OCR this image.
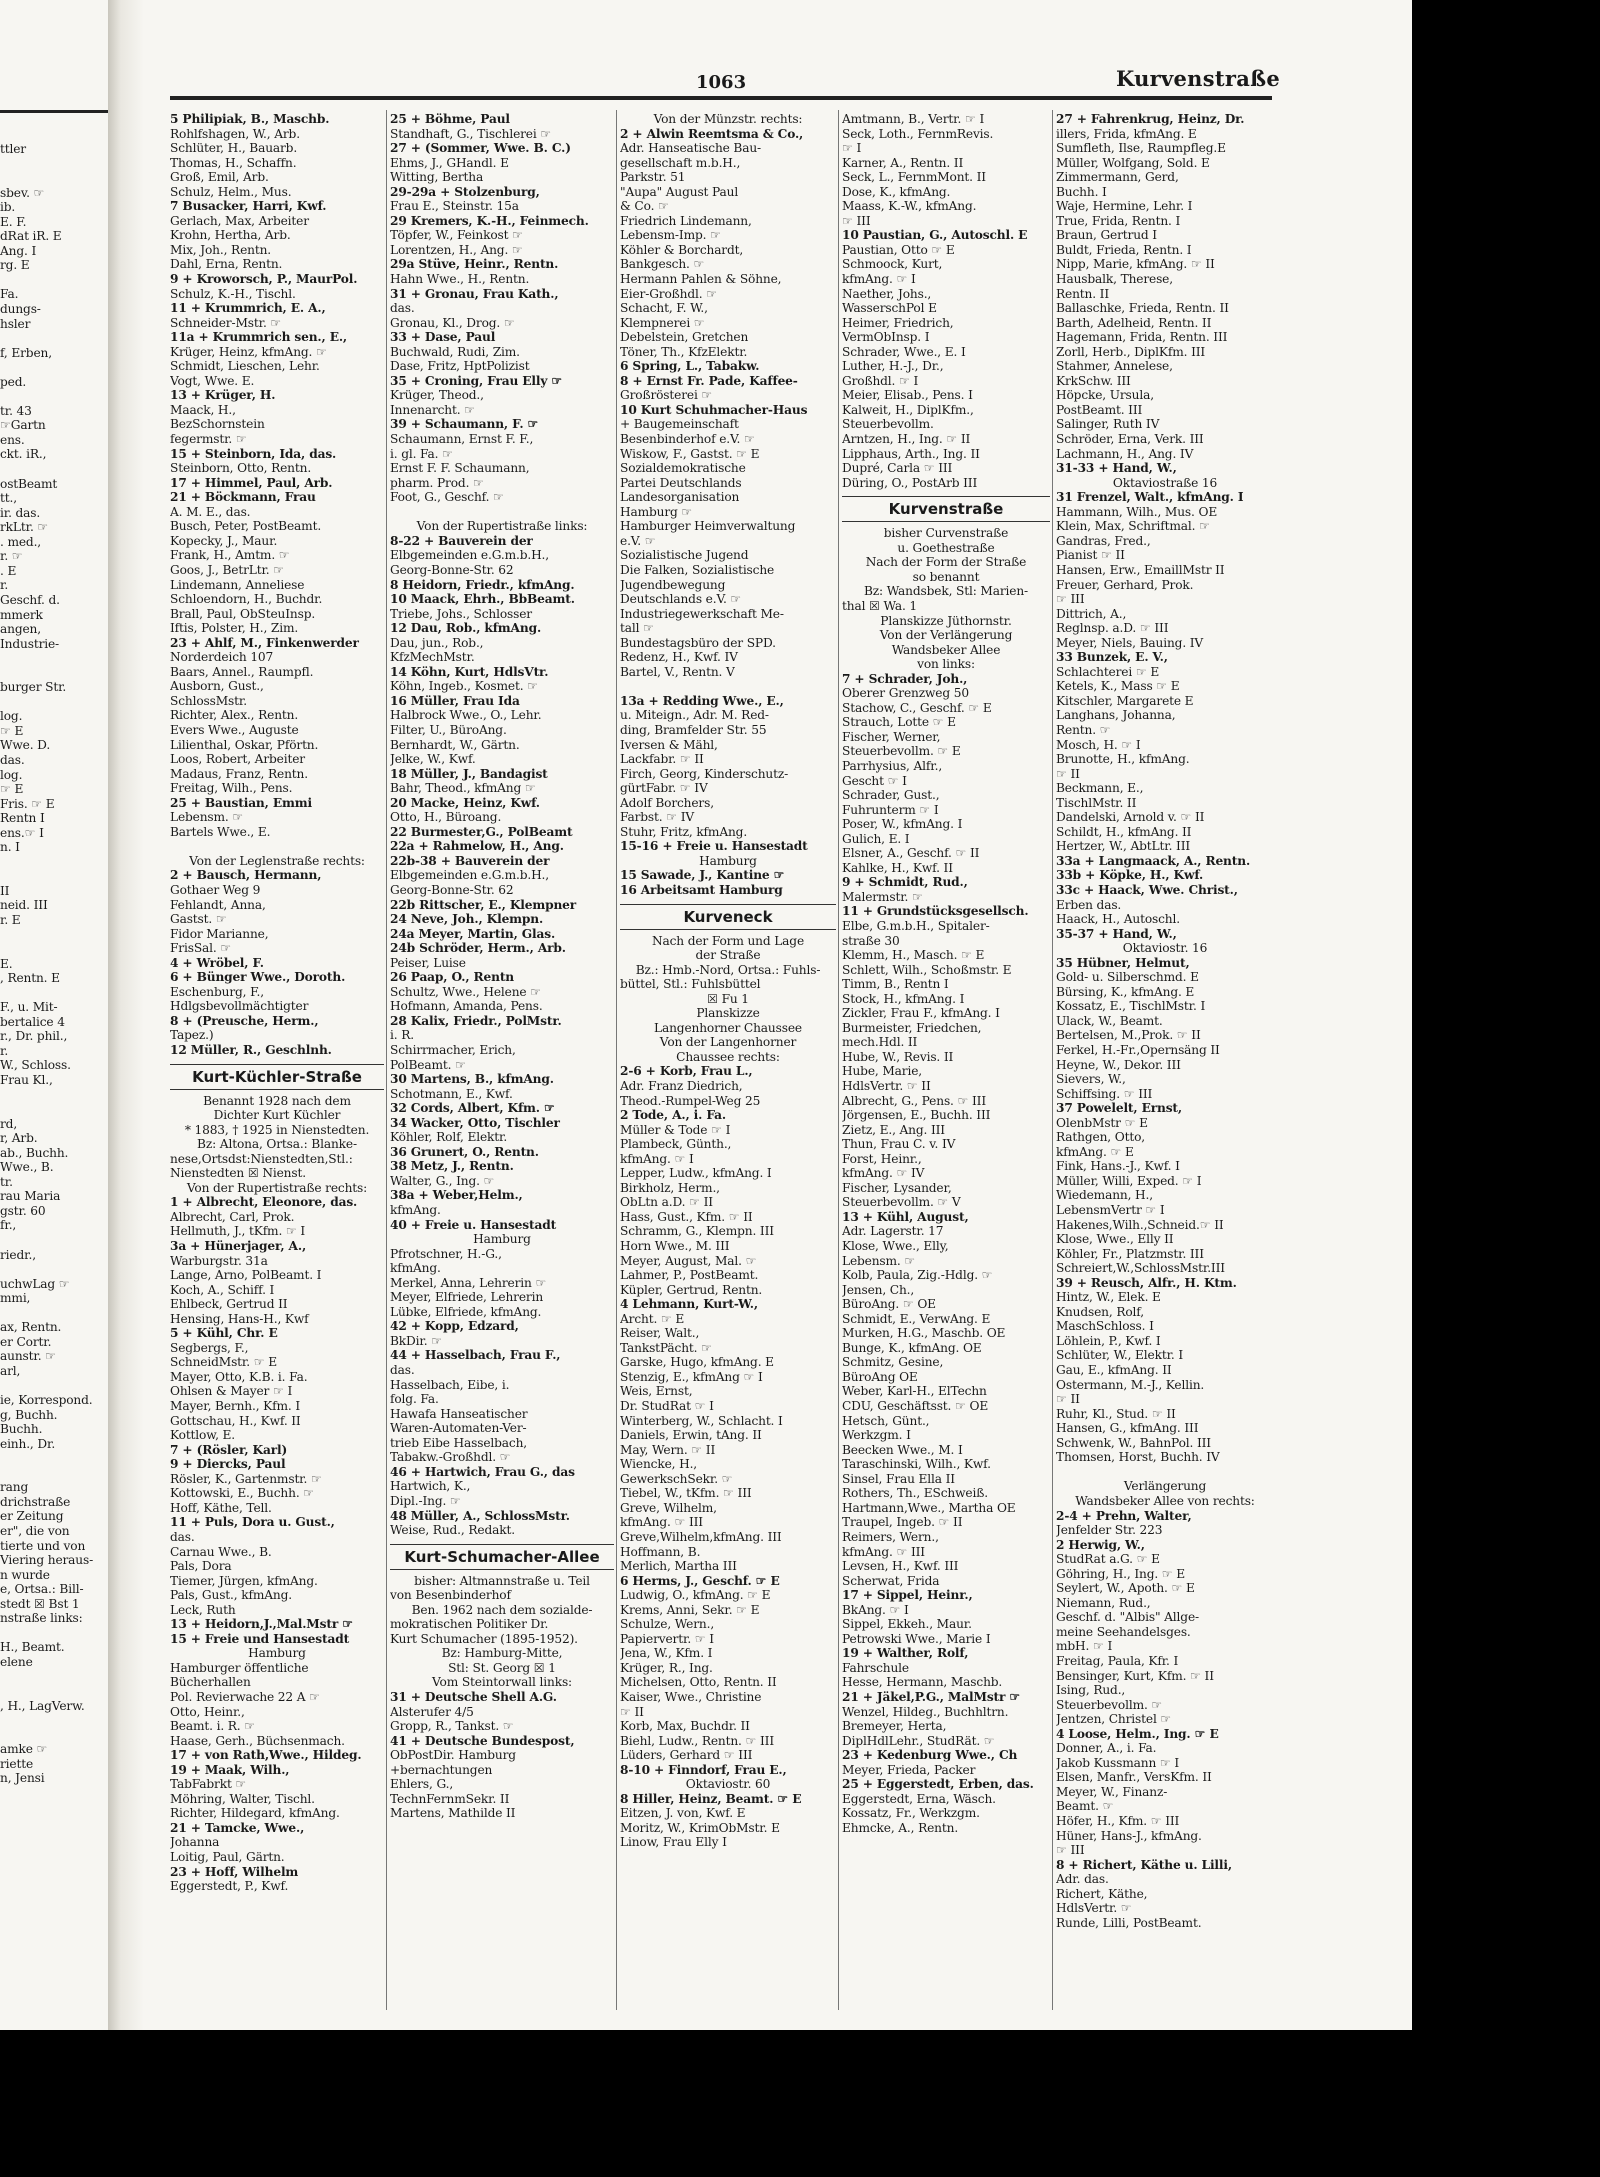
ttler

sbev. ☞
ib.
E. F.
dRat iR. E
Ang. I
rg. E

Fa.
dungs-
hsler

f, Erben,

ped.

tr. 43
☞Gartn
ens.
ckt. iR.,

ostBeamt
tt.,
ir. das.
rkLtr. ☞
. med.,
r. ☞
. E
r.
Geschf. d.
mmerk
angen,
Industrie-

burger Str.

log.
☞ E
Wwe. D.
das.
log.
☞ E
Fris. ☞ E
Rentn I
ens.☞ I
n. I

II
neid. III
r. E

E.
, Rentn. E

F., u. Mit-
bertalice 4
r., Dr. phil.,
r.
W., Schloss.
Frau Kl.,

rd,
r, Arb.
ab., Buchh.
Wwe., B.
tr.
rau Maria
gstr. 60
fr.,

riedr.,

uchwLag ☞
mmi,

ax, Rentn.
er Cortr.
aunstr. ☞
arl,

ie, Korrespond.
g, Buchh.
Buchh.
einh., Dr.

rang
drichstraße
er Zeitung
er", die von
tierte und von
Viering heraus-
n wurde
e, Ortsa.: Bill-
stedt ☒ Bst 1
nstraße links:

H., Beamt.
elene

, H., LagVerw.

amke ☞
riette
n, Jensi
1063	Kurvenstraße
5 Philipiak, B., Maschb.
Rohlfshagen, W., Arb.
Schlüter, H., Bauarb.
Thomas, H., Schaffn.
Groß, Emil, Arb.
Schulz, Helm., Mus.
7 Busacker, Harri, Kwf.
Gerlach, Max, Arbeiter
Krohn, Hertha, Arb.
Mix, Joh., Rentn.
Dahl, Erna, Rentn.
9 + Kroworsch, P., MaurPol.
Schulz, K.-H., Tischl.
11 + Krummrich, E. A.,
Schneider-Mstr. ☞
11a + Krummrich sen., E.,
Krüger, Heinz, kfmAng. ☞
Schmidt, Lieschen, Lehr.
Vogt, Wwe. E.
13 + Krüger, H.
Maack, H.,
BezSchornstein
fegermstr. ☞
15 + Steinborn, Ida, das.
Steinborn, Otto, Rentn.
17 + Himmel, Paul, Arb.
21 + Böckmann, Frau
A. M. E., das.
Busch, Peter, PostBeamt.
Kopecky, J., Maur.
Frank, H., Amtm. ☞
Goos, J., BetrLtr. ☞
Lindemann, Anneliese
Schloendorn, H., Buchdr.
Brall, Paul, ObSteuInsp.
Iftis, Polster, H., Zim.
23 + Ahlf, M., Finkenwerder
Norderdeich 107
Baars, Annel., Raumpfl.
Ausborn, Gust.,
SchlossMstr.
Richter, Alex., Rentn.
Evers Wwe., Auguste
Lilienthal, Oskar, Pförtn.
Loos, Robert, Arbeiter
Madaus, Franz, Rentn.
Freitag, Wilh., Pens.
25 + Baustian, Emmi
Lebensm. ☞
Bartels Wwe., E.

Von der Leglenstraße rechts:
2 + Bausch, Hermann,
Gothaer Weg 9
Fehlandt, Anna,
Gastst. ☞
Fidor Marianne,
FrisSal. ☞
4 + Wröbel, F.
6 + Bünger Wwe., Doroth.
Eschenburg, F.,
Hdlgsbevollmächtigter
8 + (Preusche, Herm.,
Tapez.)
12 Müller, R., Geschlnh.
Kurt-Küchler-Straße
Benannt 1928 nach dem
Dichter Kurt Küchler
* 1883, † 1925 in Nienstedten.
Bz: Altona, Ortsa.: Blanke-
nese,Ortsdst:Nienstedten,Stl.:
Nienstedten ☒ Nienst.
Von der Rupertistraße rechts:
1 + Albrecht, Eleonore, das.
Albrecht, Carl, Prok.
Hellmuth, J., tKfm. ☞ I
3a + Hünerjager, A.,
Warburgstr. 31a
Lange, Arno, PolBeamt. I
Koch, A., Schiff. I
Ehlbeck, Gertrud II
Hensing, Hans-H., Kwf
5 + Kühl, Chr. E
Segbergs, F.,
SchneidMstr. ☞ E
Mayer, Otto, K.B. i. Fa.
Ohlsen & Mayer ☞ I
Mayer, Bernh., Kfm. I
Gottschau, H., Kwf. II
Kottlow, E.
7 + (Rösler, Karl)
9 + Diercks, Paul
Rösler, K., Gartenmstr. ☞
Kottowski, E., Buchh. ☞
Hoff, Käthe, Tell.
11 + Puls, Dora u. Gust.,
das.
Carnau Wwe., B.
Pals, Dora
Tiemer, Jürgen, kfmAng.
Pals, Gust., kfmAng.
Leck, Ruth
13 + Heidorn,J.,Mal.Mstr ☞
15 + Freie und Hansestadt
Hamburg
Hamburger öffentliche
Bücherhallen
Pol. Revierwache 22 A ☞
Otto, Heinr.,
Beamt. i. R. ☞
Haase, Gerh., Büchsenmach.
17 + von Rath,Wwe., Hildeg.
19 + Maak, Wilh.,
TabFabrkt ☞
Möhring, Walter, Tischl.
Richter, Hildegard, kfmAng.
21 + Tamcke, Wwe.,
Johanna
Loitig, Paul, Gärtn.
23 + Hoff, Wilhelm
Eggerstedt, P., Kwf.
25 + Böhme, Paul
Standhaft, G., Tischlerei ☞
27 + (Sommer, Wwe. B. C.)
Ehms, J., GHandl. E
Witting, Bertha
29-29a + Stolzenburg,
Frau E., Steinstr. 15a
29 Kremers, K.-H., Feinmech.
Töpfer, W., Feinkost ☞
Lorentzen, H., Ang. ☞
29a Stüve, Heinr., Rentn.
Hahn Wwe., H., Rentn.
31 + Gronau, Frau Kath.,
das.
Gronau, Kl., Drog. ☞
33 + Dase, Paul
Buchwald, Rudi, Zim.
Dase, Fritz, HptPolizist
35 + Croning, Frau Elly ☞
Krüger, Theod.,
Innenarcht. ☞
39 + Schaumann, F. ☞
Schaumann, Ernst F. F.,
i. gl. Fa. ☞
Ernst F. F. Schaumann,
pharm. Prod. ☞
Foot, G., Geschf. ☞

Von der Rupertistraße links:
8-22 + Bauverein der
Elbgemeinden e.G.m.b.H.,
Georg-Bonne-Str. 62
8 Heidorn, Friedr., kfmAng.
10 Maack, Ehrh., BbBeamt.
Triebe, Johs., Schlosser
12 Dau, Rob., kfmAng.
Dau, jun., Rob.,
KfzMechMstr.
14 Köhn, Kurt, HdlsVtr.
Köhn, Ingeb., Kosmet. ☞
16 Müller, Frau Ida
Halbrock Wwe., O., Lehr.
Filter, U., BüroAng.
Bernhardt, W., Gärtn.
Jelke, W., Kwf.
18 Müller, J., Bandagist
Bahr, Theod., kfmAng ☞
20 Macke, Heinz, Kwf.
Otto, H., Büroang.
22 Burmester,G., PolBeamt
22a + Rahmelow, H., Ang.
22b-38 + Bauverein der
Elbgemeinden e.G.m.b.H.,
Georg-Bonne-Str. 62
22b Rittscher, E., Klempner
24 Neve, Joh., Klempn.
24a Meyer, Martin, Glas.
24b Schröder, Herm., Arb.
Peiser, Luise
26 Paap, O., Rentn
Schultz, Wwe., Helene ☞
Hofmann, Amanda, Pens.
28 Kalix, Friedr., PolMstr.
i. R.
Schirrmacher, Erich,
PolBeamt. ☞
30 Martens, B., kfmAng.
Schotmann, E., Kwf.
32 Cords, Albert, Kfm. ☞
34 Wacker, Otto, Tischler
Köhler, Rolf, Elektr.
36 Grunert, O., Rentn.
38 Metz, J., Rentn.
Walter, G., Ing. ☞
38a + Weber,Helm.,
kfmAng.
40 + Freie u. Hansestadt
Hamburg
Pfrotschner, H.-G.,
kfmAng.
Merkel, Anna, Lehrerin ☞
Meyer, Elfriede, Lehrerin
Lübke, Elfriede, kfmAng.
42 + Kopp, Edzard,
BkDir. ☞
44 + Hasselbach, Frau F.,
das.
Hasselbach, Eibe, i.
folg. Fa.
Hawafa Hanseatischer
Waren-Automaten-Ver-
trieb Eibe Hasselbach,
Tabakw.-Großhdl. ☞
46 + Hartwich, Frau G., das
Hartwich, K.,
Dipl.-Ing. ☞
48 Müller, A., SchlossMstr.
Weise, Rud., Redakt.
Kurt-Schumacher-Allee
bisher: Altmannstraße u. Teil
von Besenbinderhof
Ben. 1962 nach dem sozialde-
mokratischen Politiker Dr.
Kurt Schumacher (1895-1952).
Bz: Hamburg-Mitte,
Stl: St. Georg ☒ 1
Vom Steintorwall links:
31 + Deutsche Shell A.G.
Alsterufer 4/5
Gropp, R., Tankst. ☞
41 + Deutsche Bundespost,
ObPostDir. Hamburg
+bernachtungen
Ehlers, G.,
TechnFernmSekr. II
Martens, Mathilde II
Von der Münzstr. rechts:
2 + Alwin Reemtsma & Co.,
Adr. Hanseatische Bau-
gesellschaft m.b.H.,
Parkstr. 51
"Aupa" August Paul
& Co. ☞
Friedrich Lindemann,
Lebensm-Imp. ☞
Köhler & Borchardt,
Bankgesch. ☞
Hermann Pahlen & Söhne,
Eier-Großhdl. ☞
Schacht, F. W.,
Klempnerei ☞
Debelstein, Gretchen
Töner, Th., KfzElektr.
6 Spring, L., Tabakw.
8 + Ernst Fr. Pade, Kaffee-
Großrösterei ☞
10 Kurt Schuhmacher-Haus
+ Baugemeinschaft
Besenbinderhof e.V. ☞
Wiskow, F., Gastst. ☞ E
Sozialdemokratische
Partei Deutschlands
Landesorganisation
Hamburg ☞
Hamburger Heimverwaltung
e.V. ☞
Sozialistische Jugend
Die Falken, Sozialistische
Jugendbewegung
Deutschlands e.V. ☞
Industriegewerkschaft Me-
tall ☞
Bundestagsbüro der SPD.
Redenz, H., Kwf. IV
Bartel, V., Rentn. V

13a + Redding Wwe., E.,
u. Miteign., Adr. M. Red-
ding, Bramfelder Str. 55
Iversen & Mähl,
Lackfabr. ☞ II
Firch, Georg, Kinderschutz-
gürtFabr. ☞ IV
Adolf Borchers,
Farbst. ☞ IV
Stuhr, Fritz, kfmAng.
15-16 + Freie u. Hansestadt
Hamburg
15 Sawade, J., Kantine ☞
16 Arbeitsamt Hamburg
Kurveneck
Nach der Form und Lage
der Straße
Bz.: Hmb.-Nord, Ortsa.: Fuhls-
büttel, Stl.: Fuhlsbüttel
☒ Fu 1
Planskizze
Langenhorner Chaussee
Von der Langenhorner
Chaussee rechts:
2-6 + Korb, Frau L.,
Adr. Franz Diedrich,
Theod.-Rumpel-Weg 25
2 Tode, A., i. Fa.
Müller & Tode ☞ I
Plambeck, Günth.,
kfmAng. ☞ I
Lepper, Ludw., kfmAng. I
Birkholz, Herm.,
ObLtn a.D. ☞ II
Hass, Gust., Kfm. ☞ II
Schramm, G., Klempn. III
Horn Wwe., M. III
Meyer, August, Mal. ☞
Lahmer, P., PostBeamt.
Küpler, Gertrud, Rentn.
4 Lehmann, Kurt-W.,
Archt. ☞ E
Reiser, Walt.,
TankstPächt. ☞
Garske, Hugo, kfmAng. E
Stenzig, E., kfmAng ☞ I
Weis, Ernst,
Dr. StudRat ☞ I
Winterberg, W., Schlacht. I
Daniels, Erwin, tAng. II
May, Wern. ☞ II
Wiencke, H.,
GewerkschSekr. ☞
Tiebel, W., tKfm. ☞ III
Greve, Wilhelm,
kfmAng. ☞ III
Greve,Wilhelm,kfmAng. III
Hoffmann, B.
Merlich, Martha III
6 Herms, J., Geschf. ☞ E
Ludwig, O., kfmAng. ☞ E
Krems, Anni, Sekr. ☞ E
Schulze, Wern.,
Papiervertr. ☞ I
Jena, W., Kfm. I
Krüger, R., Ing.
Michelsen, Otto, Rentn. II
Kaiser, Wwe., Christine
☞ II
Korb, Max, Buchdr. II
Biehl, Ludw., Rentn. ☞ III
Lüders, Gerhard ☞ III
8-10 + Finndorf, Frau E.,
Oktaviostr. 60
8 Hiller, Heinz, Beamt. ☞ E
Eitzen, J. von, Kwf. E
Moritz, W., KrimObMstr. E
Linow, Frau Elly I
Amtmann, B., Vertr. ☞ I
Seck, Loth., FernmRevis.
☞ I
Karner, A., Rentn. II
Seck, L., FernmMont. II
Dose, K., kfmAng.
Maass, K.-W., kfmAng.
☞ III
10 Paustian, G., Autoschl. E
Paustian, Otto ☞ E
Schmoock, Kurt,
kfmAng. ☞ I
Naether, Johs.,
WasserschPol E
Heimer, Friedrich,
VermObInsp. I
Schrader, Wwe., E. I
Luther, H.-J., Dr.,
Großhdl. ☞ I
Meier, Elisab., Pens. I
Kalweit, H., DiplKfm.,
Steuerbevollm.
Arntzen, H., Ing. ☞ II
Lipphaus, Arth., Ing. II
Dupré, Carla ☞ III
Düring, O., PostArb III
Kurvenstraße
bisher Curvenstraße
u. Goethestraße
Nach der Form der Straße
so benannt
Bz: Wandsbek, Stl: Marien-
thal ☒ Wa. 1
Planskizze Jüthornstr.
Von der Verlängerung
Wandsbeker Allee
von links:
7 + Schrader, Joh.,
Oberer Grenzweg 50
Stachow, C., Geschf. ☞ E
Strauch, Lotte ☞ E
Fischer, Werner,
Steuerbevollm. ☞ E
Parrhysius, Alfr.,
Gescht ☞ I
Schrader, Gust.,
Fuhrunterm ☞ I
Poser, W., kfmAng. I
Gulich, E. I
Elsner, A., Geschf. ☞ II
Kahlke, H., Kwf. II
9 + Schmidt, Rud.,
Malermstr. ☞
11 + Grundstücksgesellsch.
Elbe, G.m.b.H., Spitaler-
straße 30
Klemm, H., Masch. ☞ E
Schlett, Wilh., Schoßmstr. E
Timm, B., Rentn I
Stock, H., kfmAng. I
Zickler, Frau F., kfmAng. I
Burmeister, Friedchen,
mech.Hdl. II
Hube, W., Revis. II
Hube, Marie,
HdlsVertr. ☞ II
Albrecht, G., Pens. ☞ III
Jörgensen, E., Buchh. III
Zietz, E., Ang. III
Thun, Frau C. v. IV
Forst, Heinr.,
kfmAng. ☞ IV
Fischer, Lysander,
Steuerbevollm. ☞ V
13 + Kühl, August,
Adr. Lagerstr. 17
Klose, Wwe., Elly,
Lebensm. ☞
Kolb, Paula, Zig.-Hdlg. ☞
Jensen, Ch.,
BüroAng. ☞ OE
Schmidt, E., VerwAng. E
Murken, H.G., Maschb. OE
Bunge, K., kfmAng. OE
Schmitz, Gesine,
BüroAng OE
Weber, Karl-H., ElTechn
CDU, Geschäftsst. ☞ OE
Hetsch, Günt.,
Werkzgm. I
Beecken Wwe., M. I
Taraschinski, Wilh., Kwf.
Sinsel, Frau Ella II
Rothers, Th., ESchweiß.
Hartmann,Wwe., Martha OE
Traupel, Ingeb. ☞ II
Reimers, Wern.,
kfmAng. ☞ III
Levsen, H., Kwf. III
Scherwat, Frida
17 + Sippel, Heinr.,
BkAng. ☞ I
Sippel, Ekkeh., Maur.
Petrowski Wwe., Marie I
19 + Walther, Rolf,
Fahrschule
Hesse, Hermann, Maschb.
21 + Jäkel,P.G., MalMstr ☞
Wenzel, Hildeg., Buchhltrn.
Bremeyer, Herta,
DiplHdlLehr., StudRät. ☞
23 + Kedenburg Wwe., Ch
Meyer, Frieda, Packer
25 + Eggerstedt, Erben, das.
Eggerstedt, Erna, Wäsch.
Kossatz, Fr., Werkzgm.
Ehmcke, A., Rentn.
27 + Fahrenkrug, Heinz, Dr.
illers, Frida, kfmAng. E
Sumfleth, Ilse, Raumpfleg.E
Müller, Wolfgang, Sold. E
Zimmermann, Gerd,
Buchh. I
Waje, Hermine, Lehr. I
True, Frida, Rentn. I
Braun, Gertrud I
Buldt, Frieda, Rentn. I
Nipp, Marie, kfmAng. ☞ II
Hausbalk, Therese,
Rentn. II
Ballaschke, Frieda, Rentn. II
Barth, Adelheid, Rentn. II
Hagemann, Frida, Rentn. III
Zorll, Herb., DiplKfm. III
Stahmer, Annelese,
KrkSchw. III
Höpcke, Ursula,
PostBeamt. III
Salinger, Ruth IV
Schröder, Erna, Verk. III
Lachmann, H., Ang. IV
31-33 + Hand, W.,
Oktaviostraße 16
31 Frenzel, Walt., kfmAng. I
Hammann, Wilh., Mus. OE
Klein, Max, Schriftmal. ☞
Gandras, Fred.,
Pianist ☞ II
Hansen, Erw., EmaillMstr II
Freuer, Gerhard, Prok.
☞ III
Dittrich, A.,
Reglnsp. a.D. ☞ III
Meyer, Niels, Bauing. IV
33 Bunzek, E. V.,
Schlachterei ☞ E
Ketels, K., Mass ☞ E
Kitschler, Margarete E
Langhans, Johanna,
Rentn. ☞
Mosch, H. ☞ I
Brunotte, H., kfmAng.
☞ II
Beckmann, E.,
TischlMstr. II
Dandelski, Arnold v. ☞ II
Schildt, H., kfmAng. II
Hertzer, W., AbtLtr. III
33a + Langmaack, A., Rentn.
33b + Köpke, H., Kwf.
33c + Haack, Wwe. Christ.,
Erben das.
Haack, H., Autoschl.
35-37 + Hand, W.,
Oktaviostr. 16
35 Hübner, Helmut,
Gold- u. Silberschmd. E
Bürsing, K., kfmAng. E
Kossatz, E., TischlMstr. I
Ulack, W., Beamt.
Bertelsen, M.,Prok. ☞ II
Ferkel, H.-Fr.,Opernsäng II
Heyne, W., Dekor. III
Sievers, W.,
Schiffsing. ☞ III
37 Powelelt, Ernst,
OlenbMstr ☞ E
Rathgen, Otto,
kfmAng. ☞ E
Fink, Hans.-J., Kwf. I
Müller, Willi, Exped. ☞ I
Wiedemann, H.,
LebensmVertr ☞ I
Hakenes,Wilh.,Schneid.☞ II
Klose, Wwe., Elly II
Köhler, Fr., Platzmstr. III
Schreiert,W.,SchlossMstr.III
39 + Reusch, Alfr., H. Ktm.
Hintz, W., Elek. E
Knudsen, Rolf,
MaschSchloss. I
Löhlein, P., Kwf. I
Schlüter, W., Elektr. I
Gau, E., kfmAng. II
Ostermann, M.-J., Kellin.
☞ II
Ruhr, Kl., Stud. ☞ II
Hansen, G., kfmAng. III
Schwenk, W., BahnPol. III
Thomsen, Horst, Buchh. IV

Verlängerung
Wandsbeker Allee von rechts:
2-4 + Prehn, Walter,
Jenfelder Str. 223
2 Herwig, W.,
StudRat a.G. ☞ E
Göhring, H., Ing. ☞ E
Seylert, W., Apoth. ☞ E
Niemann, Rud.,
Geschf. d. "Albis" Allge-
meine Seehandelsges.
mbH. ☞ I
Freitag, Paula, Kfr. I
Bensinger, Kurt, Kfm. ☞ II
Ising, Rud.,
Steuerbevollm. ☞
Jentzen, Christel ☞
4 Loose, Helm., Ing. ☞ E
Donner, A., i. Fa.
Jakob Kussmann ☞ I
Elsen, Manfr., VersKfm. II
Meyer, W., Finanz-
Beamt. ☞
Höfer, H., Kfm. ☞ III
Hüner, Hans-J., kfmAng.
☞ III
8 + Richert, Käthe u. Lilli,
Adr. das.
Richert, Käthe,
HdlsVertr. ☞
Runde, Lilli, PostBeamt.
